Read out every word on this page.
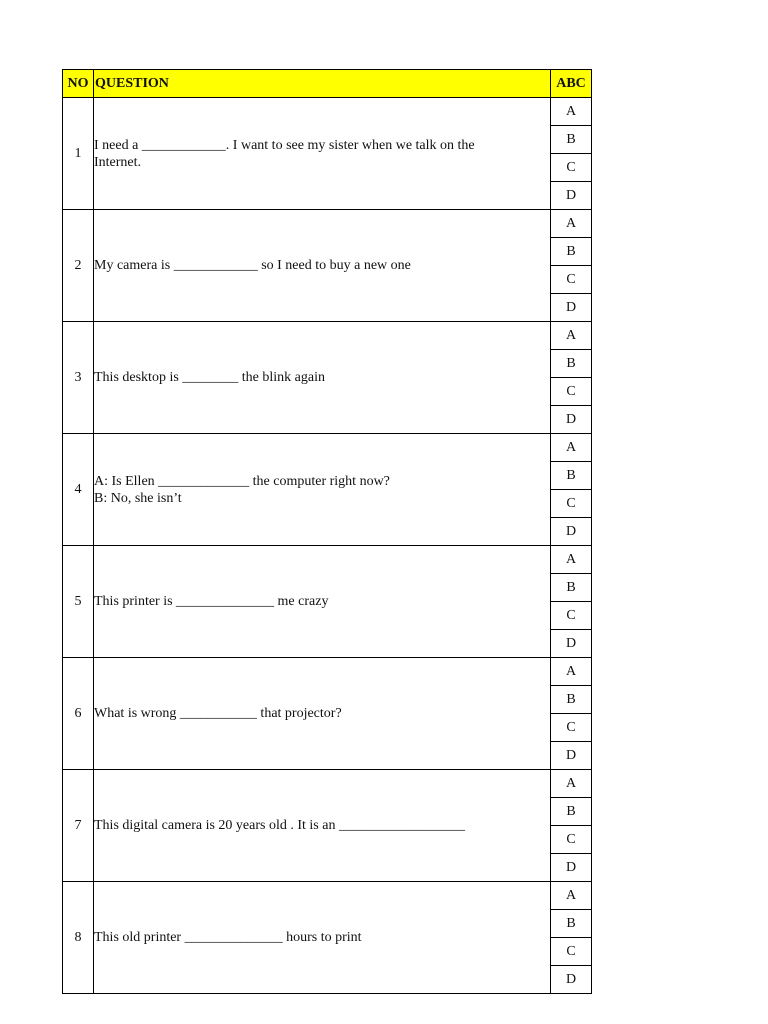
NO	QUESTION	ABC
1	I need a ____________. I want to see my sister when we talk on the
Internet.	A
		B
		C
		D
2	My camera is ____________ so I need to buy a new one	A
		B
		C
		D
3	This desktop is ________ the blink again	A
		B
		C
		D
4	A: Is Ellen _____________ the computer right now?
B: No, she isn’t	A
		B
		C
		D
5	This printer is ______________ me crazy	A
		B
		C
		D
6	What is wrong ___________ that projector?	A
		B
		C
		D
7	This digital camera is 20 years old . It is an __________________	A
		B
		C
		D
8	This old printer ______________ hours to print	A
		B
		C
		D
